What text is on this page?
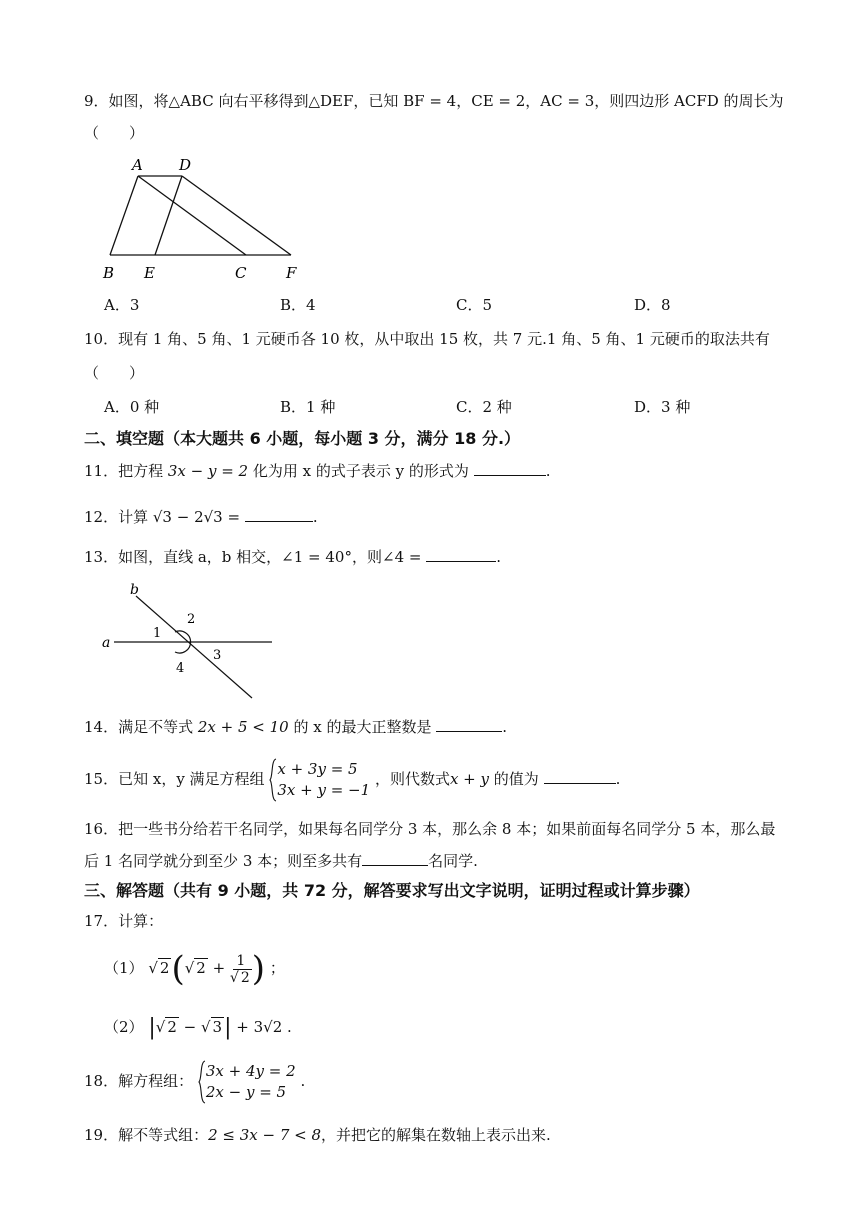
9．如图，将△ABC 向右平移得到△DEF，已知 BF = 4，CE = 2，AC = 3，则四边形 ACFD 的周长为
（　　）
A D
B E	C	F
A．3	B．4	C．5	D．8
10．现有 1 角、5 角、1 元硬币各 10 枚，从中取出 15 枚，共 7 元.1 角、5 角、1 元硬币的取法共有
（　　）
A．0 种	B．1 种	C．2 种	D．3 种
二、填空题（本大题共 6 小题，每小题 3 分，满分 18 分.）
11．把方程 3x − y = 2 化为用 x 的式子表示 y 的形式为	.
12．计算 √3 − 2√3 =	.
13．如图，直线 a，b 相交，∠1 = 40°，则∠4 =	.
b
a
1
2
3
4
14．满足不等式 2x + 5 < 10 的 x 的最大正整数是	.
15．已知 x，y 满足方程组
x + 3y = 5
3x + y = −1
，则代数式x + y 的值为	.
16．把一些书分给若干名同学，如果每名同学分 3 本，那么余 8 本；如果前面每名同学分 5 本，那么最
后 1 名同学就分到至少 3 本；则至多共有	名同学.
三、解答题（共有 9 小题，共 72 分，解答要求写出文字说明，证明过程或计算步骤）
17．计算：
（1） √ 2(√ $2 + \frac{1}{√ 2}$ ) ；
（2） |√ 2 − √ 3| + 3√2 .
18．解方程组：
3x + 4y = 2
2x − y = 5
.
19．解不等式组：2 ≤ 3x − 7 < 8，并把它的解集在数轴上表示出来.
